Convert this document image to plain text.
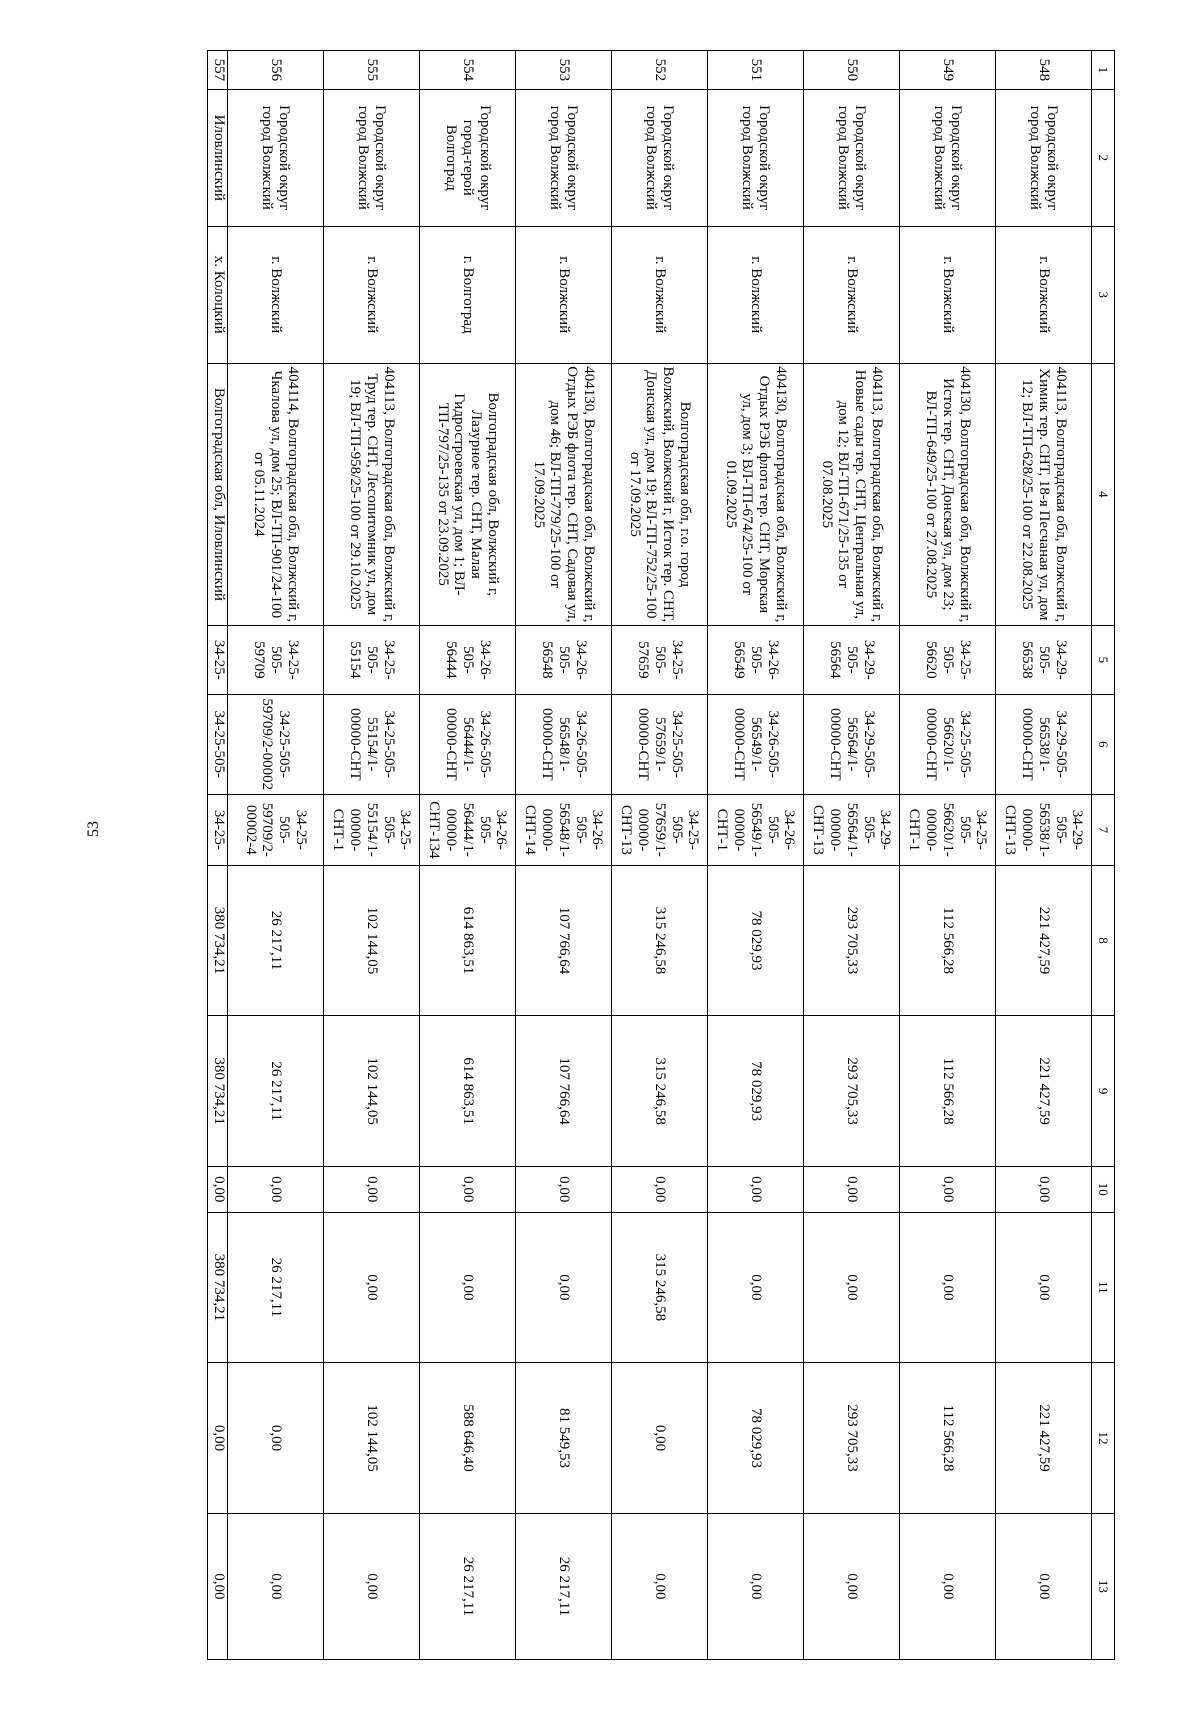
53
1	2	3	4	5	6	7	8	9	10	11	12	13
548	Городской округ город Волжский	г. Волжский	404113, Волгоградская обл, Волжский г, Химик тер. СНТ, 18-я Песчаная ул, дом 12; ВЛ-ТП-628/25-100 от 22.08.2025	34-29-505-56538	34-29-505-56538/1-00000-СНТ	34-29-505-56538/1-00000-СНТ-13	221 427,59	221 427,59	0,00	0,00	221 427,59	0,00
549	Городской округ город Волжский	г. Волжский	404130, Волгоградская обл, Волжский г, Исток тер. СНТ, Донская ул, дом 23; ВЛ-ТП-649/25-100 от 27.08.2025	34-25-505-56620	34-25-505-56620/1-00000-СНТ	34-25-505-56620/1-00000-СНТ-1	112 566,28	112 566,28	0,00	0,00	112 566,28	0,00
550	Городской округ город Волжский	г. Волжский	404113, Волгоградская обл, Волжский г, Новые сады тер. СНТ, Центральная ул, дом 12; ВЛ-ТП-671/25-135 от 07.08.2025	34-29-505-56564	34-29-505-56564/1-00000-СНТ	34-29-505-56564/1-00000-СНТ-13	293 705,33	293 705,33	0,00	0,00	293 705,33	0,00
551	Городской округ город Волжский	г. Волжский	404130, Волгоградская обл, Волжский г, Отдых РЭБ флота тер. СНТ, Морская ул, дом 3; ВЛ-ТП-674/25-100 от 01.09.2025	34-26-505-56549	34-26-505-56549/1-00000-СНТ	34-26-505-56549/1-00000-СНТ-1	78 029,93	78 029,93	0,00	0,00	78 029,93	0,00
552	Городской округ город Волжский	г. Волжский	Волгоградская обл, г.о. город Волжский, Волжский г, Исток тер. СНТ, Донская ул, дом 19; ВЛ-ТП-752/25-100 от 17.09.2025	34-25-505-57659	34-25-505-57659/1-00000-СНТ	34-25-505-57659/1-00000-СНТ-13	315 246,58	315 246,58	0,00	315 246,58	0,00	0,00
553	Городской округ город Волжский	г. Волжский	404130, Волгоградская обл, Волжский г, Отдых РЭБ флота тер. СНТ, Садовая ул, дом 46; ВЛ-ТП-779/25-100 от 17.09.2025	34-26-505-56548	34-26-505-56548/1-00000-СНТ	34-26-505-56548/1-00000-СНТ-14	107 766,64	107 766,64	0,00	0,00	81 549,53	26 217,11
554	Городской округ город-герой Волгоград	г. Волгоград	Волгоградская обл, Волжский г, Лазурное тер. СНТ, Малая Гидростроевская ул, дом 1; ВЛ-ТП-797/25-135 от 23.09.2025	34-26-505-56444	34-26-505-56444/1-00000-СНТ	34-26-505-56444/1-00000-СНТ-134	614 863,51	614 863,51	0,00	0,00	588 646,40	26 217,11
555	Городской округ город Волжский	г. Волжский	404113, Волгоградская обл, Волжский г, Труд тер. СНТ, Лесопитомник ул, дом 19; ВЛ-ТП-958/25-100 от 29.10.2025	34-25-505-55154	34-25-505-55154/1-00000-СНТ	34-25-505-55154/1-00000-СНТ-1	102 144,05	102 144,05	0,00	0,00	102 144,05	0,00
556	Городской округ город Волжский	г. Волжский	404114, Волгоградская обл, Волжский г, Чкалова ул, дом 25; ВЛ-ТП-901/24-100 от 05.11.2024	34-25-505-59709	34-25-505-59709/2-00002	34-25-505-59709/2-00002-4	26 217,11	26 217,11	0,00	26 217,11	0,00	0,00
557	Иловлинский	х. Колоцкий	Волгоградская обл, Иловлинский	34-25-	34-25-505-	34-25-	380 734,21	380 734,21	0,00	380 734,21	0,00	0,00
